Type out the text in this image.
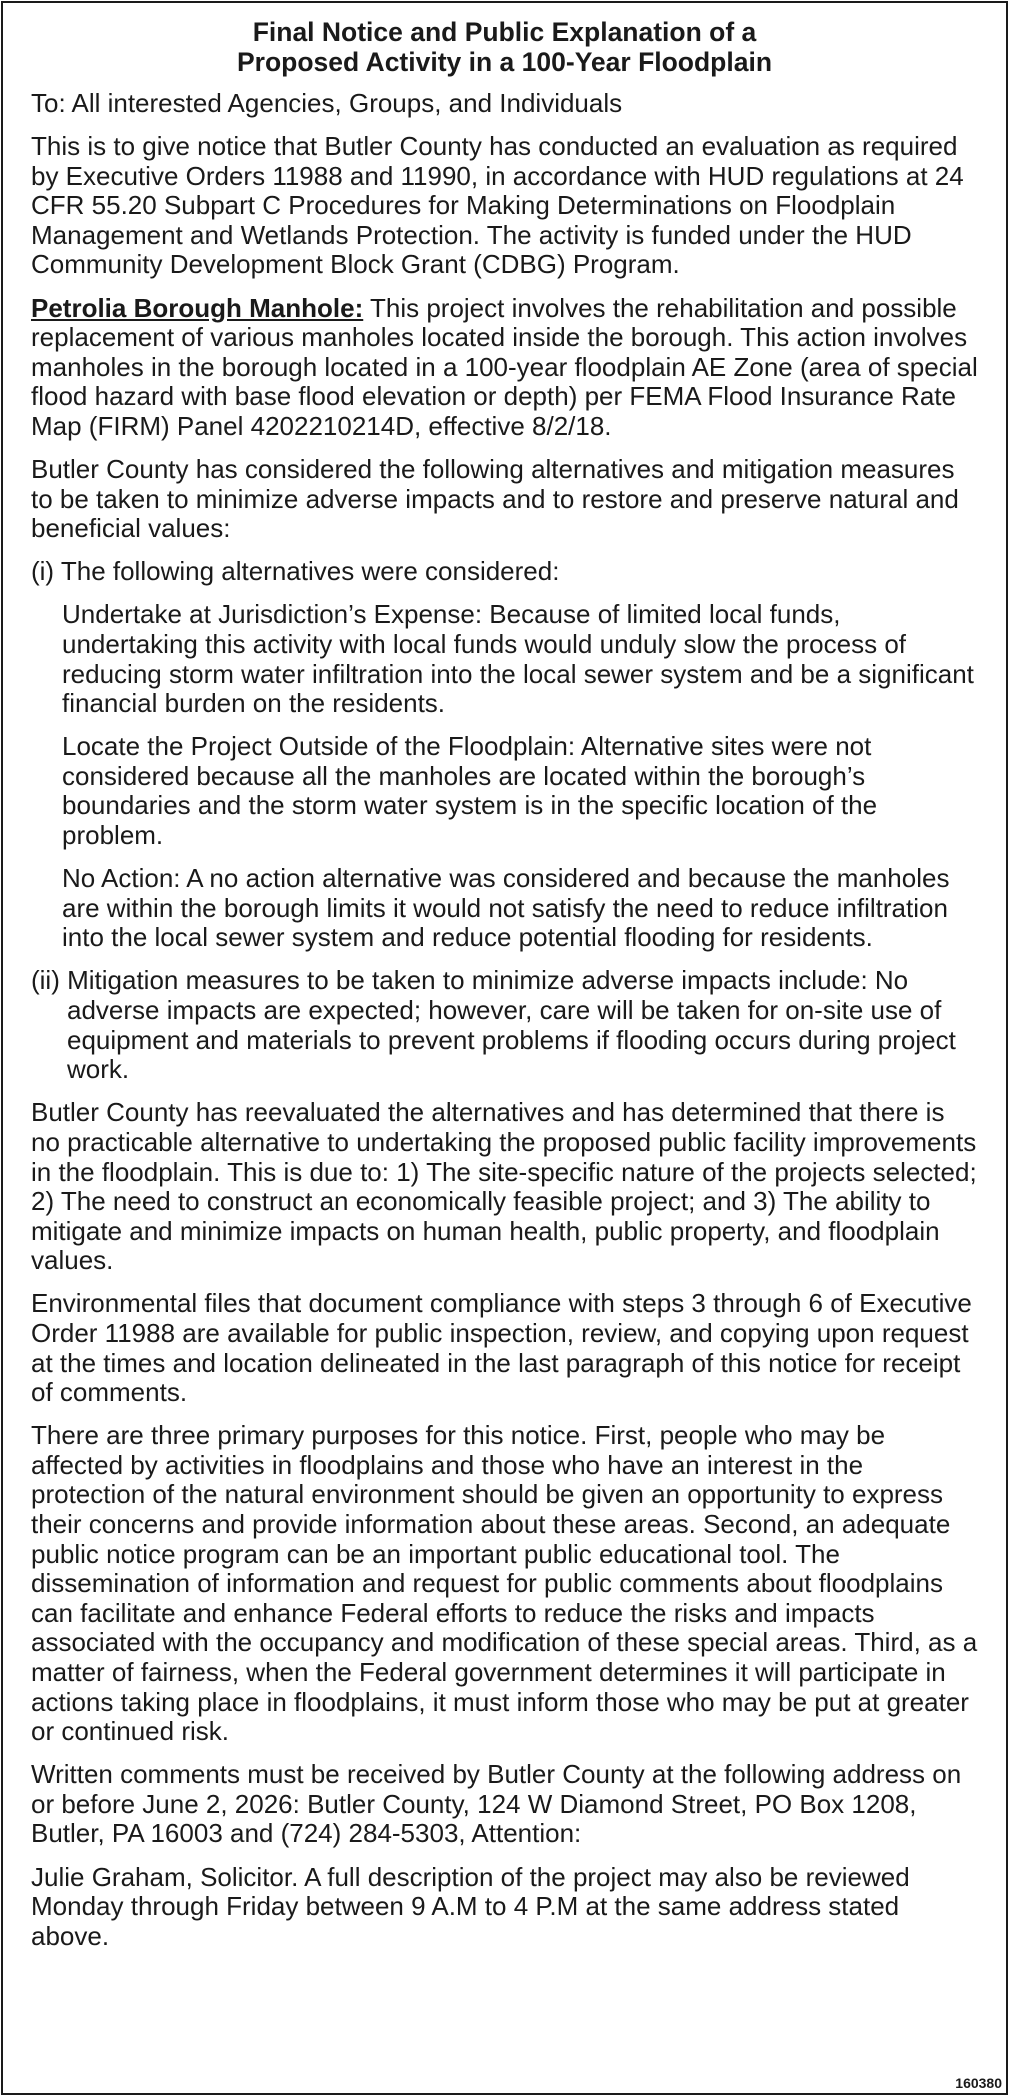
Final Notice and Public Explanation of a
Proposed Activity in a 100-Year Floodplain

To: All interested Agencies, Groups, and Individuals

This is to give notice that Butler County has conducted an evaluation as required by Executive Orders 11988 and 11990, in accordance with HUD regulations at 24 CFR 55.20 Subpart C Procedures for Making Determinations on Floodplain Management and Wetlands Protection. The activity is funded under the HUD Community Development Block Grant (CDBG) Program.

Petrolia Borough Manhole: This project involves the rehabilitation and possible replacement of various manholes located inside the borough. This action involves manholes in the borough located in a 100-year floodplain AE Zone (area of special flood hazard with base flood elevation or depth) per FEMA Flood Insurance Rate Map (FIRM) Panel 4202210214D, effective 8/2/18.

Butler County has considered the following alternatives and mitigation measures to be taken to minimize adverse impacts and to restore and preserve natural and beneficial values:

(i) The following alternatives were considered:

Undertake at Jurisdiction’s Expense: Because of limited local funds, undertaking this activity with local funds would unduly slow the process of reducing storm water infiltration into the local sewer system and be a significant financial burden on the residents.

Locate the Project Outside of the Floodplain: Alternative sites were not considered because all the manholes are located within the borough’s boundaries and the storm water system is in the specific location of the problem.

No Action: A no action alternative was considered and because the manholes are within the borough limits it would not satisfy the need to reduce infiltration into the local sewer system and reduce potential flooding for residents.

(ii) Mitigation measures to be taken to minimize adverse impacts include: No adverse impacts are expected; however, care will be taken for on-site use of equipment and materials to prevent problems if flooding occurs during project work.

Butler County has reevaluated the alternatives and has determined that there is no practicable alternative to undertaking the proposed public facility improvements in the floodplain. This is due to: 1) The site-specific nature of the projects selected; 2) The need to construct an economically feasible project; and 3) The ability to mitigate and minimize impacts on human health, public property, and floodplain values.

Environmental files that document compliance with steps 3 through 6 of Executive Order 11988 are available for public inspection, review, and copying upon request at the times and location delineated in the last paragraph of this notice for receipt of comments.

There are three primary purposes for this notice. First, people who may be affected by activities in floodplains and those who have an interest in the protection of the natural environment should be given an opportunity to express their concerns and provide information about these areas. Second, an adequate public notice program can be an important public educational tool. The dissemination of information and request for public comments about floodplains can facilitate and enhance Federal efforts to reduce the risks and impacts associated with the occupancy and modification of these special areas. Third, as a matter of fairness, when the Federal government determines it will participate in actions taking place in floodplains, it must inform those who may be put at greater or continued risk.

Written comments must be received by Butler County at the following address on or before June 2, 2026: Butler County, 124 W Diamond Street, PO Box 1208, Butler, PA 16003 and (724) 284-5303, Attention:

Julie Graham, Solicitor. A full description of the project may also be reviewed Monday through Friday between 9 A.M to 4 P.M at the same address stated above.

160380
